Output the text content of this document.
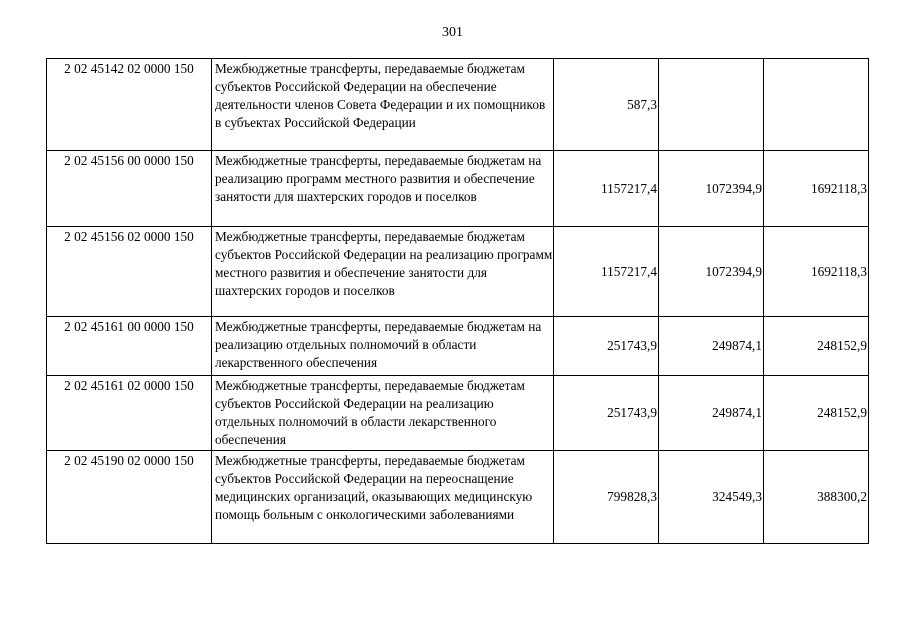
301
2 02 45142 02 0000 150	Межбюджетные трансферты, передаваемые бюджетам субъектов Российской Федерации на обеспечение деятельности членов Совета Федерации и их помощников в субъектах Российской Федерации	587,3		
2 02 45156 00 0000 150	Межбюджетные трансферты, передаваемые бюджетам на реализацию программ местного развития и обеспечение занятости для шахтерских городов и поселков	1157217,4	1072394,9	1692118,3
2 02 45156 02 0000 150	Межбюджетные трансферты, передаваемые бюджетам субъектов Российской Федерации на реализацию программ местного развития и обеспечение занятости для шахтерских городов и поселков	1157217,4	1072394,9	1692118,3
2 02 45161 00 0000 150	Межбюджетные трансферты, передаваемые бюджетам на реализацию отдельных полномочий в области лекарственного обеспечения	251743,9	249874,1	248152,9
2 02 45161 02 0000 150	Межбюджетные трансферты, передаваемые бюджетам субъектов Российской Федерации на реализацию отдельных полномочий в области лекарственного обеспечения	251743,9	249874,1	248152,9
2 02 45190 02 0000 150	Межбюджетные трансферты, передаваемые бюджетам субъектов Российской Федерации на переоснащение медицинских организаций, оказывающих медицинскую помощь больным с онкологическими заболеваниями	799828,3	324549,3	388300,2
